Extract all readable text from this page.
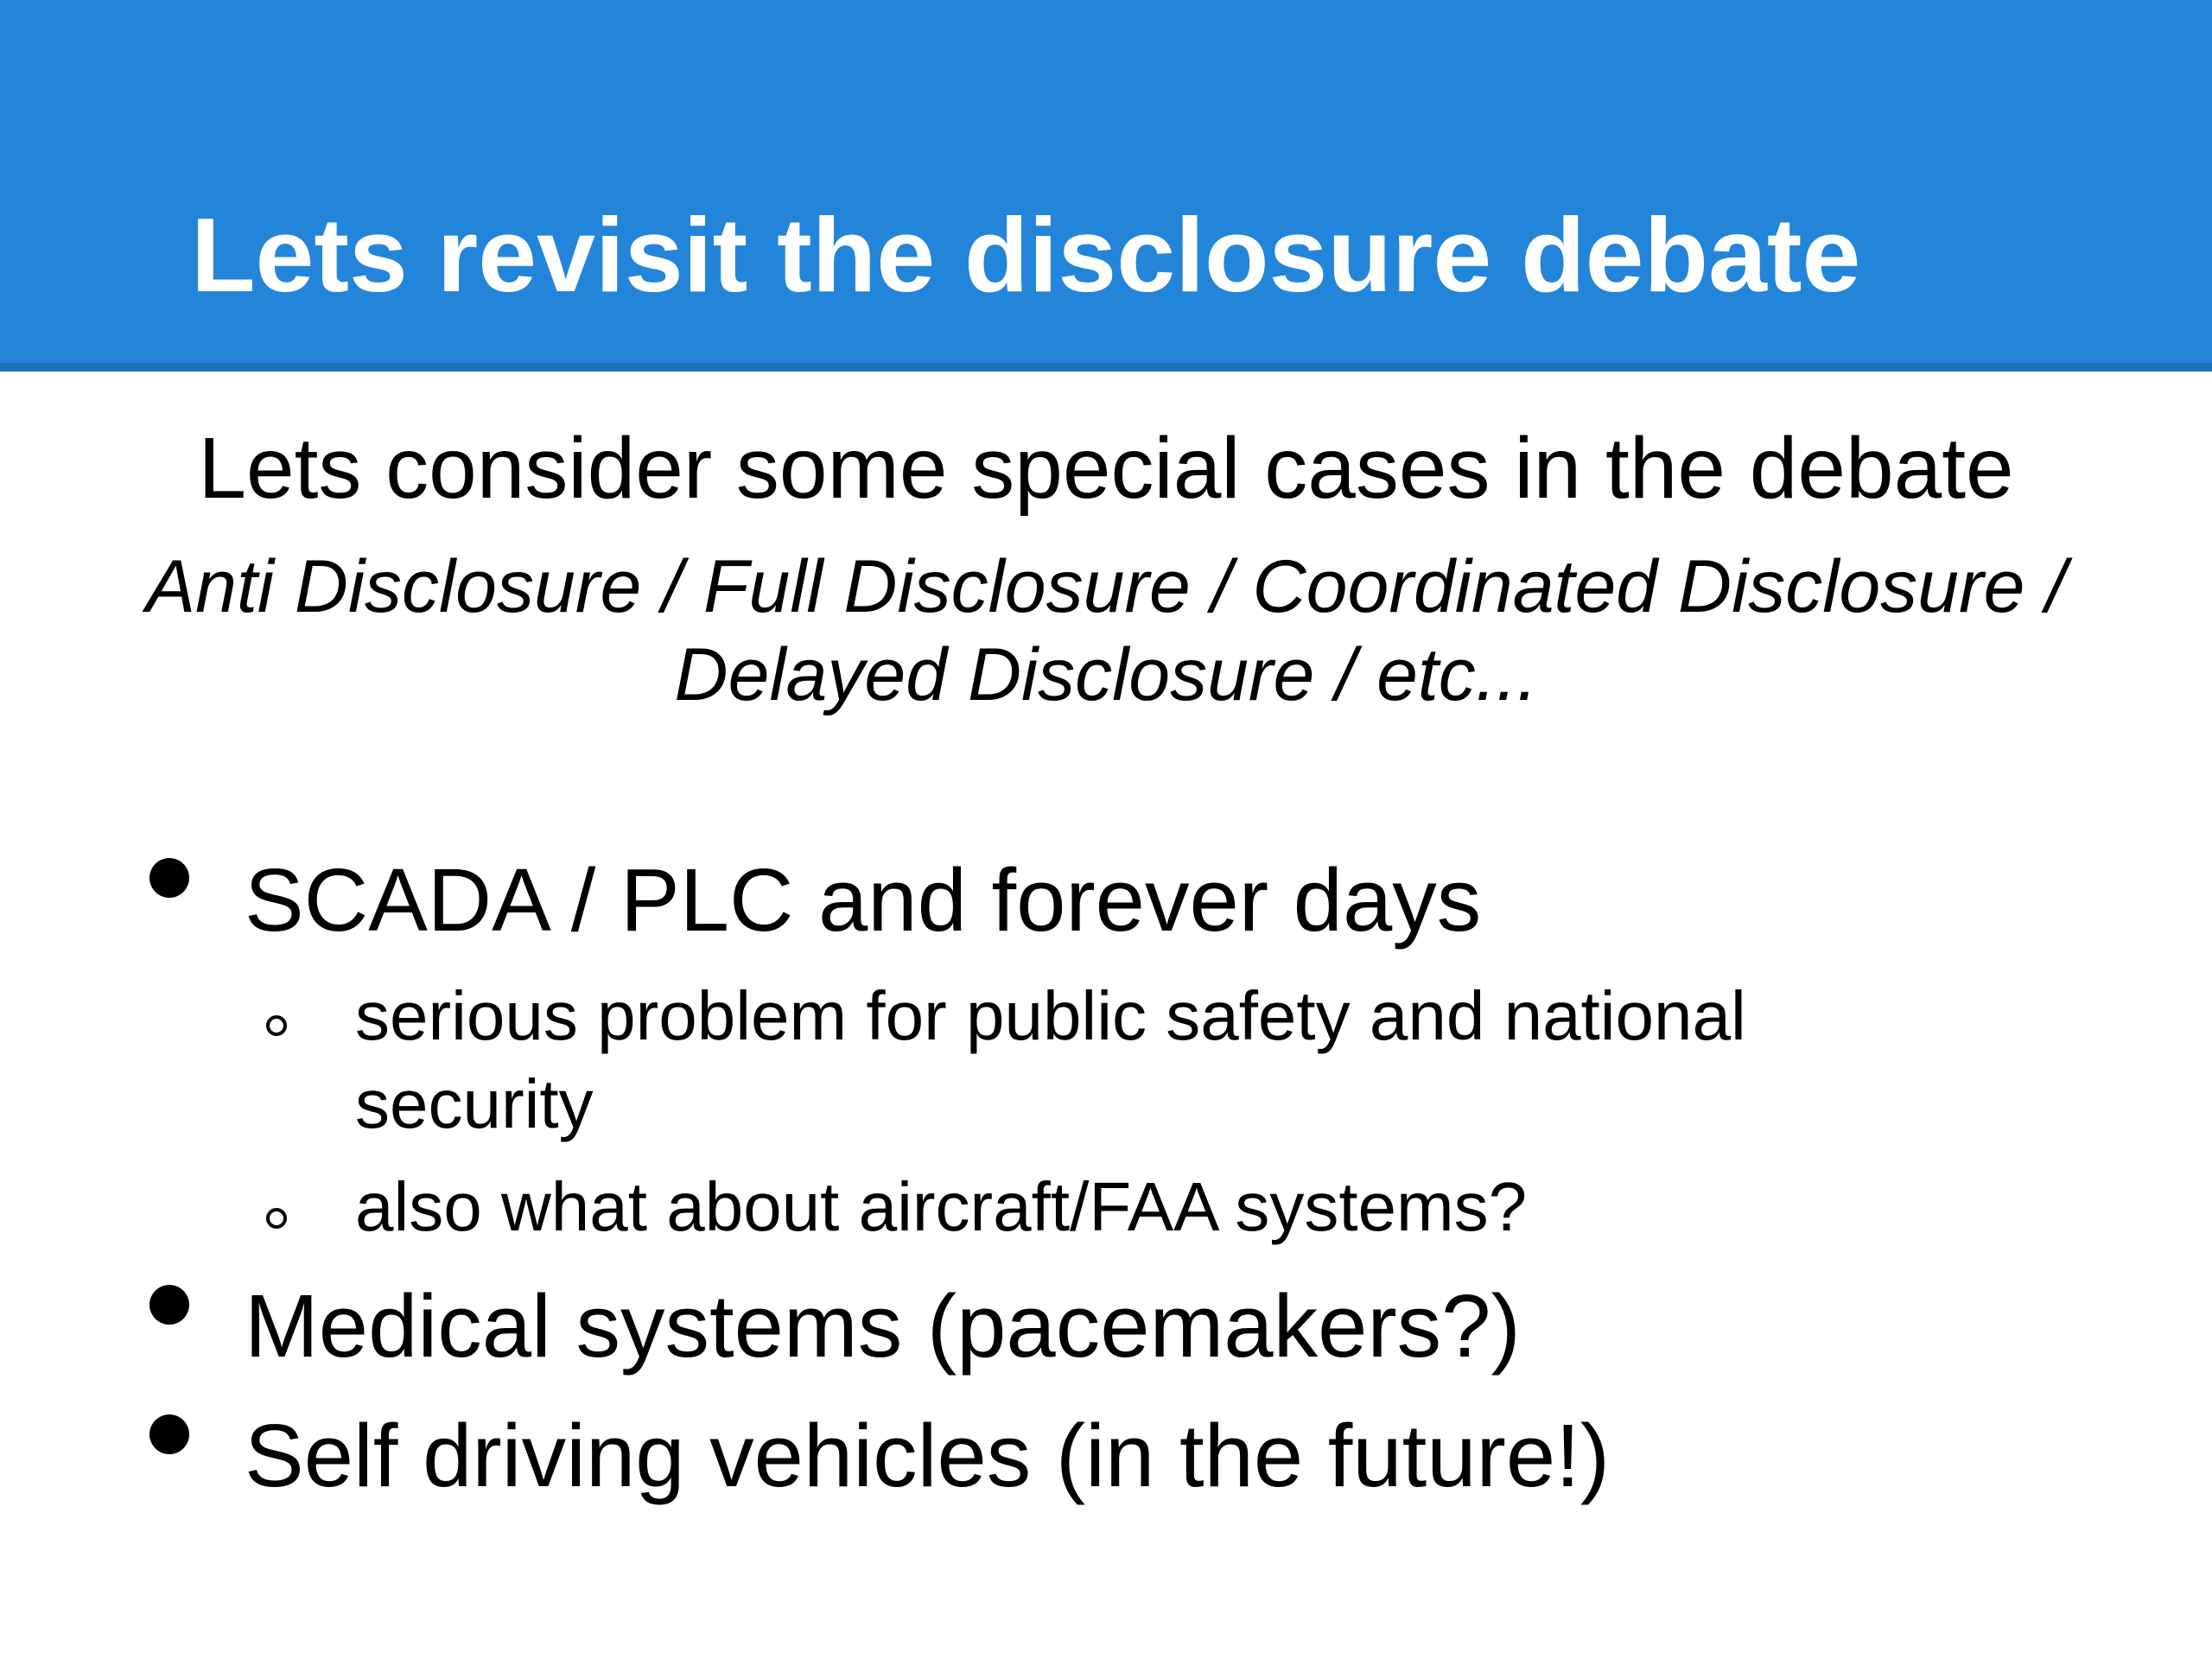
Lets revisit the disclosure debate

Lets consider some special cases in the debate

Anti Disclosure / Full Disclosure / Coordinated Disclosure / Delayed Disclosure / etc...

SCADA / PLC and forever days

serious problem for public safety and national security

also what about aircraft/FAA systems?

Medical systems (pacemakers?)

Self driving vehicles (in the future!)
